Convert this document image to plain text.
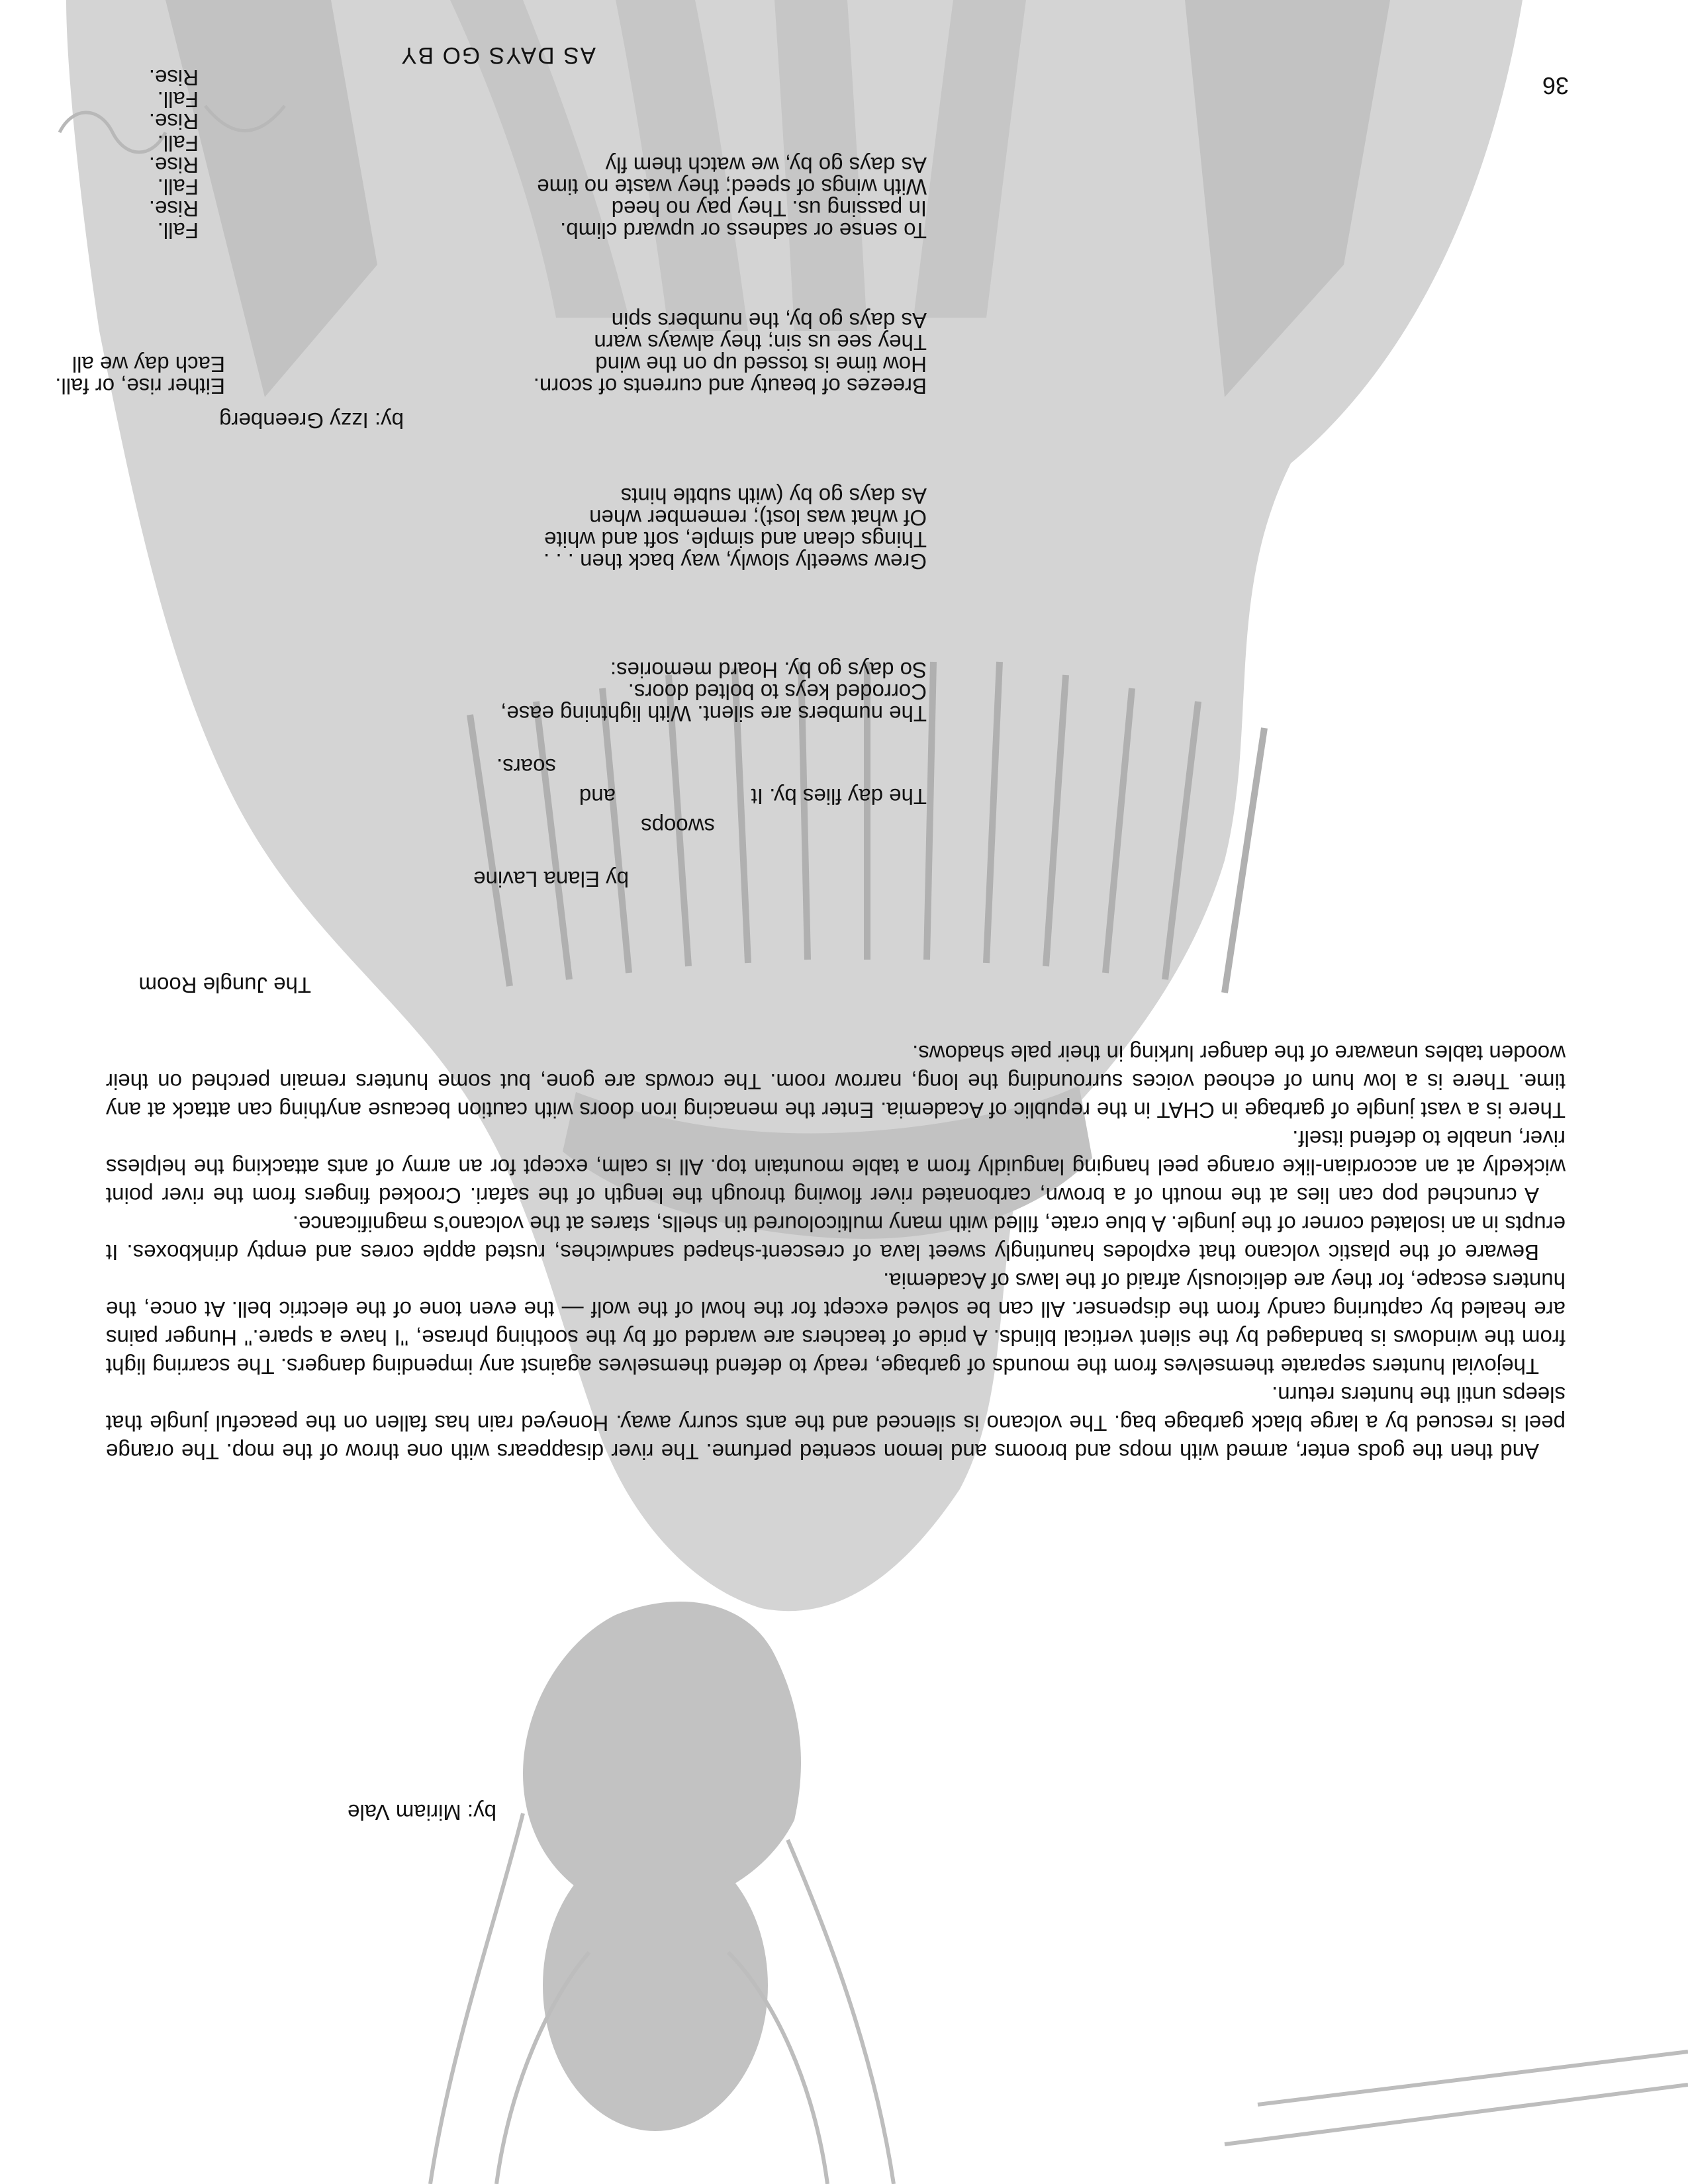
AS DAYS GO BY
Fall.
Rise.
Fall.
Rise.
Fall.
Rise.
Fall.
Rise.
Either rise, or fall.
Each day we all
To sense or sadness or upward climb.
In passing us. They pay no heed
With wings of speed; they waste no time
As days go by, we watch them fly
Breezes of beauty and currents of scorn.
How time is tossed up on the wind
They see us sin; they always warn
As days go by, the numbers spin
by: Izzy Greenberg
Grew sweetly slowly, way back then . . .
Things clean and simple, soft and white
Of what was lost); remember when
As days go by (with subtle hints
The numbers are silent. With lightning ease,
Corroded keys to bolted doors.
So days go by. Hoard memories:
soars.
The day flies by. It
and
swoops
by Elana Lavine
The Jungle Room

There is a vast jungle of garbage in CHAT in the republic of Academia. Enter the menacing iron doors with caution because anything can attack at any time. There is a low hum of echoed voices surrounding the long, narrow room. The crowds are gone, but some hunters remain perched on their wooden tables unaware of the danger lurking in their pale shadows.

A crunched pop can lies at the mouth of a brown, carbonated river flowing through the length of the safari. Crooked fingers from the river point wickedly at an accordian-like orange peel hanging languidly from a table mountain top. All is calm, except for an army of ants attacking the helpless river, unable to defend itself.

Beware of the plastic volcano that explodes hauntingly sweet lava of crescent-shaped sandwiches, rusted apple cores and empty drinkboxes. It erupts in an isolated corner of the jungle. A blue crate, filled with many multicoloured tin shells, stares at the volcano's magnificance.

Thejovial hunters separate themselves from the mounds of garbage, ready to defend themselves against any impending dangers. The scarring light from the windows is bandaged by the silent vertical blinds. A pride of teachers are warded off by the soothing phrase, ''I have a spare.'' Hunger pains are healed by capturing candy from the dispenser. All can be solved except for the howl of the wolf — the even tone of the electric bell. At once, the hunters escape, for they are deliciously afraid of the laws of Academia.

And then the gods enter, armed with mops and brooms and lemon scented perfume. The river disappears with one throw of the mop. The orange peel is rescued by a large black garbage bag. The volcano is silenced and the ants scurry away. Honeyed rain has fallen on the peaceful jungle that sleeps until the hunters return.

by: Miriam Vale
36
